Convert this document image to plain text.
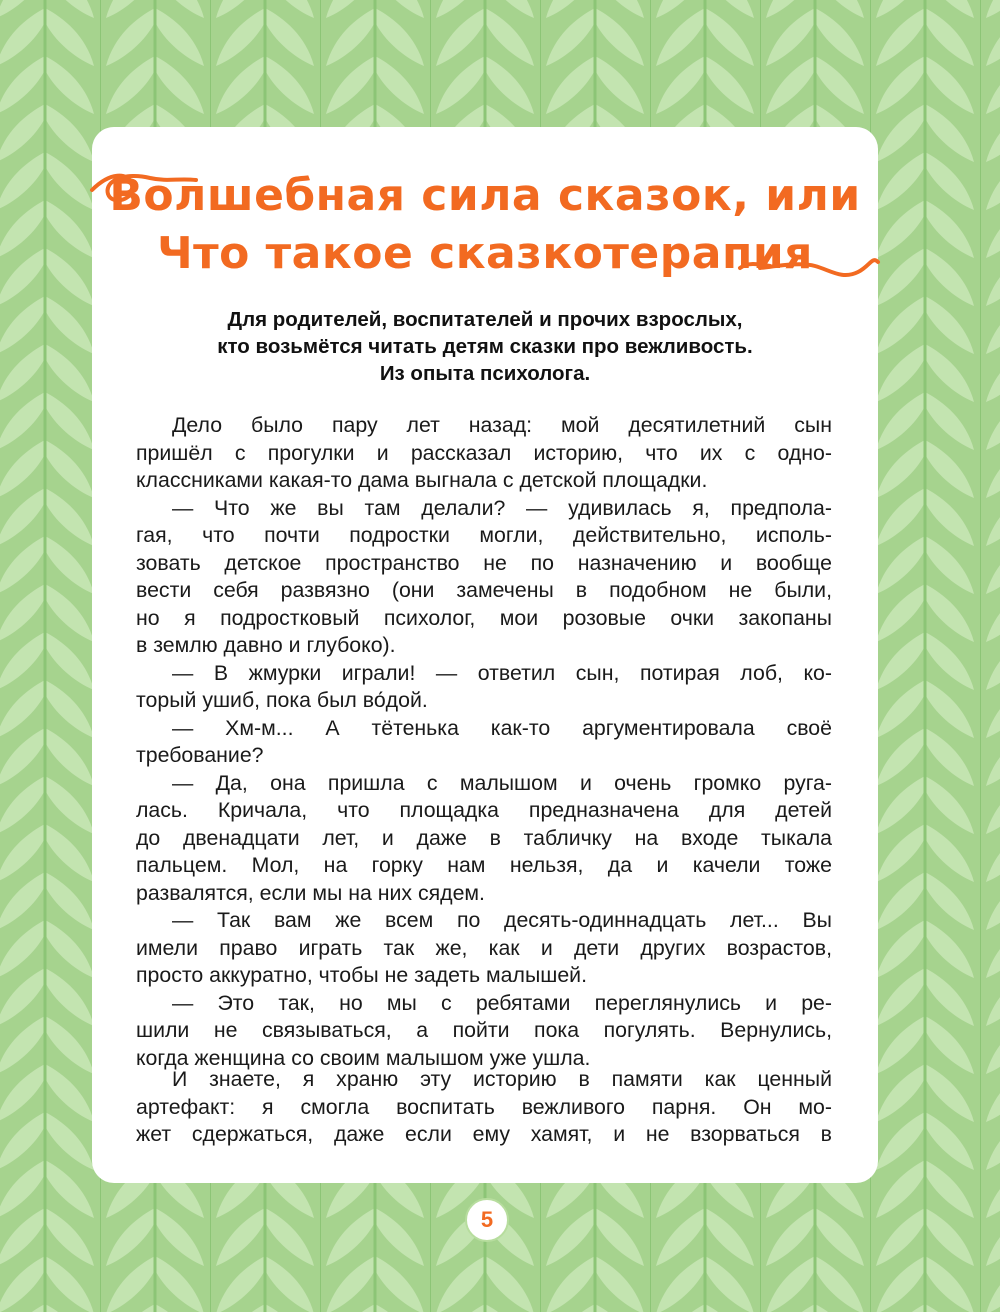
Волшебная сила сказок, или
Что такое сказкотерапия
Для родителей, воспитателей и прочих взрослых,
кто возьмётся читать детям сказки про вежливость.
Из опыта психолога.

Дело было пару лет назад: мой десятилетний сын

пришёл с прогулки и рассказал историю, что их с одно-

классниками какая-то дама выгнала с детской площадки.

— Что же вы там делали? — удивилась я, предпола-

гая, что почти подростки могли, действительно, исполь-

зовать детское пространство не по назначению и вообще

вести себя развязно (они замечены в подобном не были,

но я подростковый психолог, мои розовые очки закопаны

в землю давно и глубоко).

— В жмурки играли! — ответил сын, потирая лоб, ко-

торый ушиб, пока был во́дой.

— Хм-м... А тётенька как-то аргументировала своё

требование?

— Да, она пришла с малышом и очень громко руга-

лась. Кричала, что площадка предназначена для детей

до двенадцати лет, и даже в табличку на входе тыкала

пальцем. Мол, на горку нам нельзя, да и качели тоже

развалятся, если мы на них сядем.

— Так вам же всем по десять-одиннадцать лет... Вы

имели право играть так же, как и дети других возрастов,

просто аккуратно, чтобы не задеть малышей.

— Это так, но мы с ребятами переглянулись и ре-

шили не связываться, а пойти пока погулять. Вернулись,

когда женщина со своим малышом уже ушла.

И знаете, я храню эту историю в памяти как ценный

артефакт: я смогла воспитать вежливого парня. Он мо-

жет сдержаться, даже если ему хамят, и не взорваться в

5
